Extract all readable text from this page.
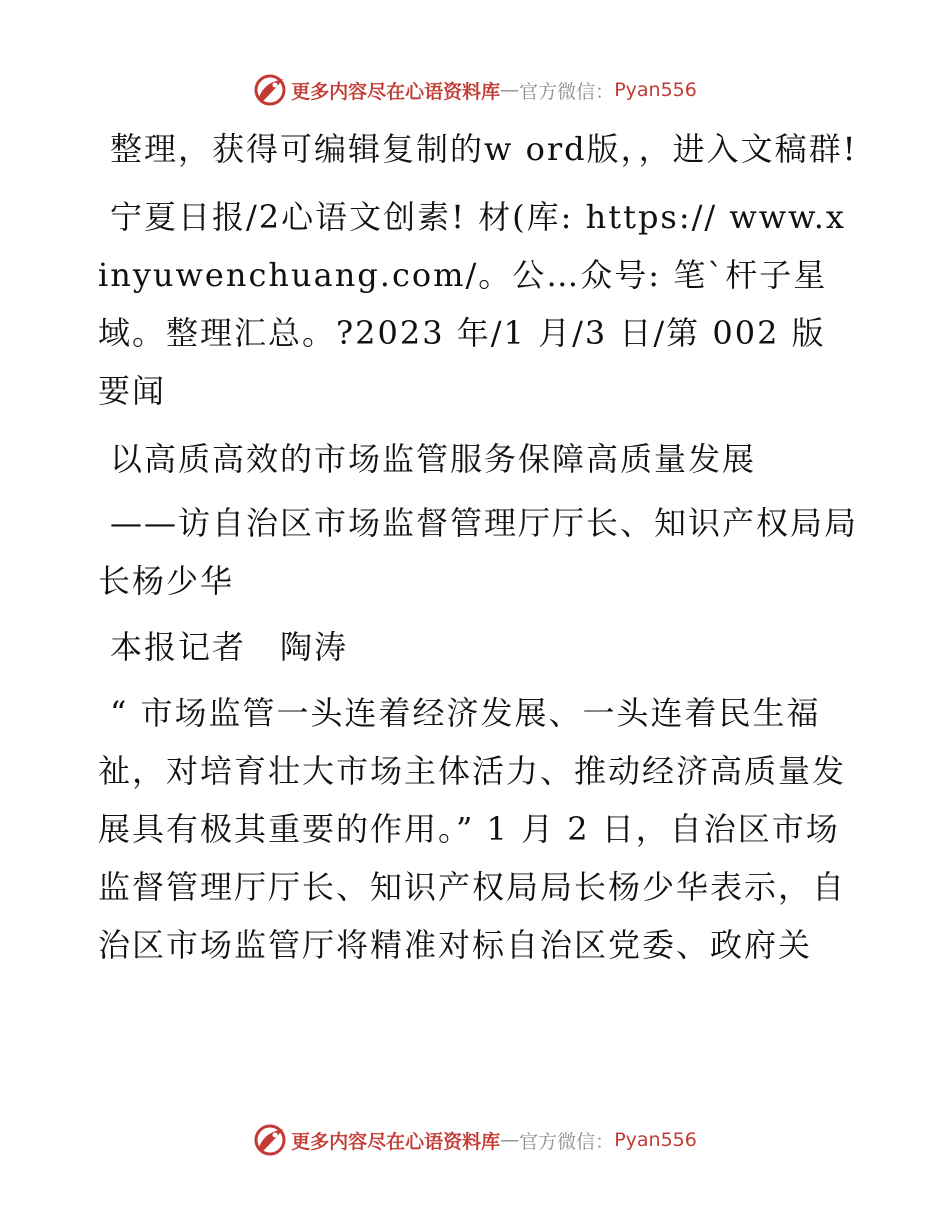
更多内容尽在心语资料库 — 官方微信： Pyan556

整理，获得可编辑复制的w ord版，，进入文稿群!

宁夏日报/2心语文创素! 材(库: https:// www.xinyuwenchuang.com/。公…众号: 笔`杆子星域。整理汇总。?2023 年/1 月/3 日/第 002 版要闻

以高质高效的市场监管服务保障高质量发展

——访自治区市场监督管理厅厅长、知识产权局局长杨少华

本报记者　陶涛

“ 市场监管一头连着经济发展、一头连着民生福祉，对培育壮大市场主体活力、推动经济高质量发展具有极其重要的作用。” 1 月 2 日，自治区市场监督管理厅厅长、知识产权局局长杨少华表示，自治区市场监管厅将精准对标自治区党委、政府关

更多内容尽在心语资料库 — 官方微信： Pyan556
